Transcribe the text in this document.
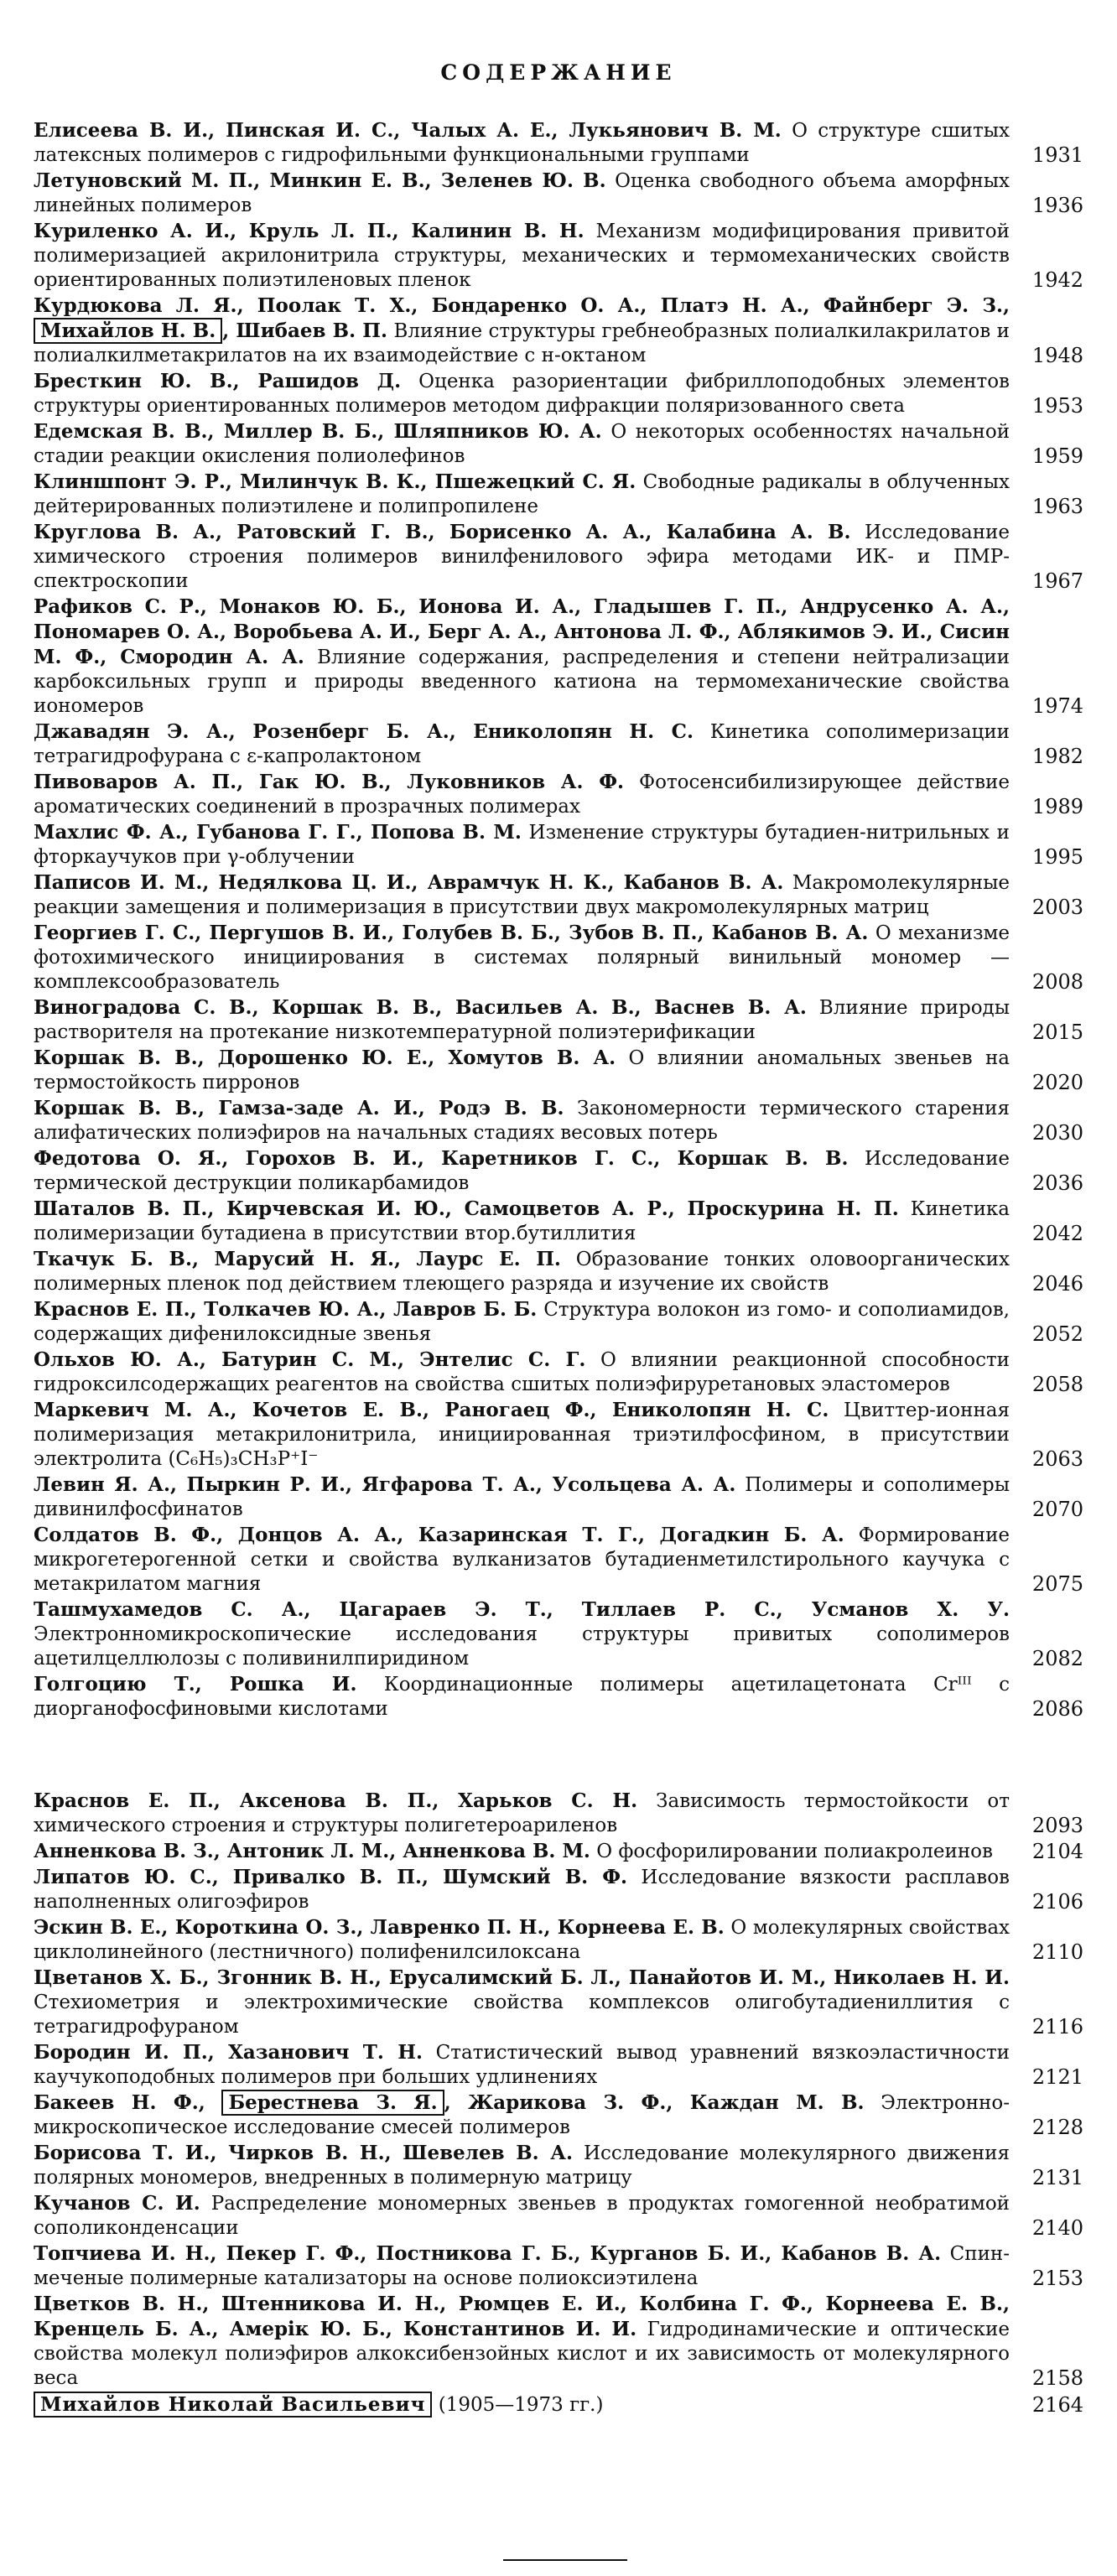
СОДЕРЖАНИЕ
Елисеева В. И., Пинская И. С., Чалых А. Е., Лукьянович В. М. О структуре сшитых латексных полимеров с гидрофильными функциональными группами	1931
Летуновский М. П., Минкин Е. В., Зеленев Ю. В. Оценка свободного объема аморфных линейных полимеров	1936
Куриленко А. И., Круль Л. П., Калинин В. Н. Механизм модифицирования привитой полимеризацией акрилонитрила структуры, механических и термомеханических свойств ориентированных полиэтиленовых пленок	1942
Курдюкова Л. Я., Поолак Т. Х., Бондаренко О. А., Платэ Н. А., Файнберг Э. З., Михайлов Н. В. , Шибаев В. П. Влияние структуры гребнеобразных полиалкилакрилатов и полиалкилметакрилатов на их взаимодействие с н-октаном	1948
Бресткин Ю. В., Рашидов Д. Оценка разориентации фибриллоподобных элементов структуры ориентированных полимеров методом дифракции поляризованного света	1953
Едемская В. В., Миллер В. Б., Шляпников Ю. А. О некоторых особенностях начальной стадии реакции окисления полиолефинов	1959
Клиншпонт Э. Р., Милинчук В. К., Пшежецкий С. Я. Свободные радикалы в облученных дейтерированных полиэтилене и полипропилене	1963
Круглова В. А., Ратовский Г. В., Борисенко А. А., Калабина А. В. Исследование химического строения полимеров винилфенилового эфира методами ИК- и ПМР-спектроскопии	1967
Рафиков С. Р., Монаков Ю. Б., Ионова И. А., Гладышев Г. П., Андрусенко А. А., Пономарев О. А., Воробьева А. И., Берг А. А., Антонова Л. Ф., Аблякимов Э. И., Сисин М. Ф., Смородин А. А. Влияние содержания, распределения и степени нейтрализации карбоксильных групп и природы введенного катиона на термомеханические свойства иономеров	1974
Джавадян Э. А., Розенберг Б. А., Ениколопян Н. С. Кинетика сополимеризации тетрагидрофурана с ε-капролактоном	1982
Пивоваров А. П., Гак Ю. В., Луковников А. Ф. Фотосенсибилизирующее действие ароматических соединений в прозрачных полимерах	1989
Махлис Ф. А., Губанова Г. Г., Попова В. М. Изменение структуры бутадиен-нитрильных и фторкаучуков при γ-облучении	1995
Паписов И. М., Недялкова Ц. И., Аврамчук Н. К., Кабанов В. А. Макромолекулярные реакции замещения и полимеризация в присутствии двух макромолекулярных матриц	2003
Георгиев Г. С., Пергушов В. И., Голубев В. Б., Зубов В. П., Кабанов В. А. О механизме фотохимического инициирования в системах полярный винильный мономер — комплексообразователь	2008
Виноградова С. В., Коршак В. В., Васильев А. В., Васнев В. А. Влияние природы растворителя на протекание низкотемпературной полиэтерификации	2015
Коршак В. В., Дорошенко Ю. Е., Хомутов В. А. О влиянии аномальных звеньев на термостойкость пирронов	2020
Коршак В. В., Гамза-заде А. И., Родэ В. В. Закономерности термического старения алифатических полиэфиров на начальных стадиях весовых потерь	2030
Федотова О. Я., Горохов В. И., Каретников Г. С., Коршак В. В. Исследование термической деструкции поликарбамидов	2036
Шаталов В. П., Кирчевская И. Ю., Самоцветов А. Р., Проскурина Н. П. Кинетика полимеризации бутадиена в присутствии втор.бутиллития	2042
Ткачук Б. В., Марусий Н. Я., Лаурс Е. П. Образование тонких оловоорганических полимерных пленок под действием тлеющего разряда и изучение их свойств	2046
Краснов Е. П., Толкачев Ю. А., Лавров Б. Б. Структура волокон из гомо- и сополиамидов, содержащих дифенилоксидные звенья	2052
Ольхов Ю. А., Батурин С. М., Энтелис С. Г. О влиянии реакционной способности гидроксилсодержащих реагентов на свойства сшитых полиэфируретановых эластомеров	2058
Маркевич М. А., Кочетов Е. В., Раногаец Ф., Ениколопян Н. С. Цвиттер-ионная полимеризация метакрилонитрила, инициированная триэтилфосфином, в присутствии электролита (C₆H₅)₃CH₃P⁺I⁻	2063
Левин Я. А., Пыркин Р. И., Ягфарова Т. А., Усольцева А. А. Полимеры и сополимеры дивинилфосфинатов	2070
Солдатов В. Ф., Донцов А. А., Казаринская Т. Г., Догадкин Б. А. Формирование микрогетерогенной сетки и свойства вулканизатов бутадиенметилстирольного каучука с метакрилатом магния	2075
Ташмухамедов С. А., Цагараев Э. Т., Тиллаев Р. С., Усманов Х. У. Электронномикроскопические исследования структуры привитых сополимеров ацетилцеллюлозы с поливинилпиридином	2082
Голгоцию Т., Рошка И. Координационные полимеры ацетилацетоната Crᴵᴵᴵ с диорганофосфиновыми кислотами	2086
Краснов Е. П., Аксенова В. П., Харьков С. Н. Зависимость термостойкости от химического строения и структуры полигетероариленов	2093
Анненкова В. З., Антоник Л. М., Анненкова В. М. О фосфорилировании полиакролеинов	2104
Липатов Ю. С., Привалко В. П., Шумский В. Ф. Исследование вязкости расплавов наполненных олигоэфиров	2106
Эскин В. Е., Короткина О. З., Лавренко П. Н., Корнеева Е. В. О молекулярных свойствах циклолинейного (лестничного) полифенилсилоксана	2110
Цветанов Х. Б., Згонник В. Н., Ерусалимский Б. Л., Панайотов И. М., Николаев Н. И. Стехиометрия и электрохимические свойства комплексов олигобутадиениллития с тетрагидрофураном	2116
Бородин И. П., Хазанович Т. Н. Статистический вывод уравнений вязкоэластичности каучукоподобных полимеров при больших удлинениях	2121
Бакеев Н. Ф., Берестнева З. Я. , Жарикова З. Ф., Каждан М. В. Электронно-микроскопическое исследование смесей полимеров	2128
Борисова Т. И., Чирков В. Н., Шевелев В. А. Исследование молекулярного движения полярных мономеров, внедренных в полимерную матрицу	2131
Кучанов С. И. Распределение мономерных звеньев в продуктах гомогенной необратимой сополиконденсации	2140
Топчиева И. Н., Пекер Г. Ф., Постникова Г. Б., Курганов Б. И., Кабанов В. А. Спин-меченые полимерные катализаторы на основе полиоксиэтилена	2153
Цветков В. Н., Штенникова И. Н., Рюмцев Е. И., Колбина Г. Ф., Корнеева Е. В., Кренцель Б. А., Амерік Ю. Б., Константинов И. И. Гидродинамические и оптические свойства молекул полиэфиров алкоксибензойных кислот и их зависимость от молекулярного веса	2158
Михайлов Николай Васильевич (1905—1973 гг.)	2164
